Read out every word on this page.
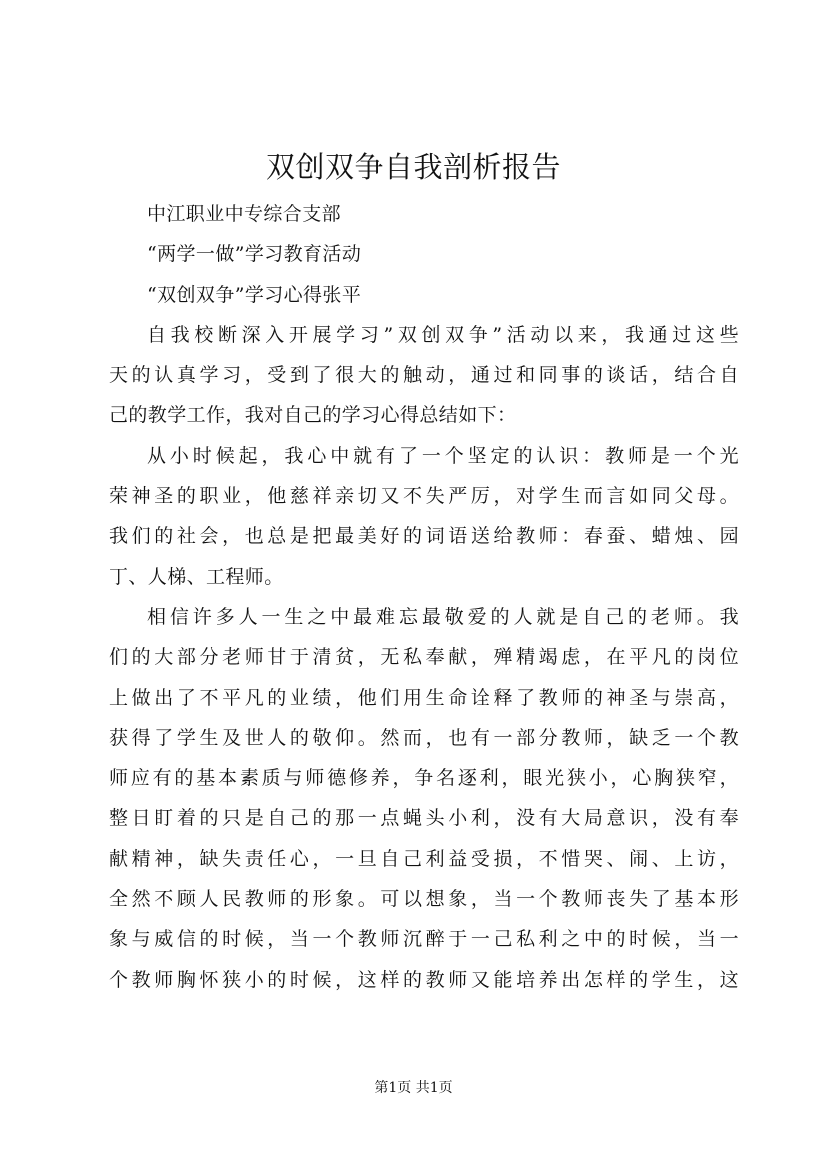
双创双争自我剖析报告
中江职业中专综合支部
“两学一做”学习教育活动
“双创双争”学习心得张平
自我校断深入开展学习”双创双争”活动以来，我通过这些
天的认真学习，受到了很大的触动，通过和同事的谈话，结合自
己的教学工作，我对自己的学习心得总结如下：
从小时候起，我心中就有了一个坚定的认识：教师是一个光
荣神圣的职业，他慈祥亲切又不失严厉，对学生而言如同父母。
我们的社会，也总是把最美好的词语送给教师：春蚕、蜡烛、园
丁、人梯、工程师。
相信许多人一生之中最难忘最敬爱的人就是自己的老师。我
们的大部分老师甘于清贫，无私奉献，殚精竭虑，在平凡的岗位
上做出了不平凡的业绩，他们用生命诠释了教师的神圣与崇高，
获得了学生及世人的敬仰。然而，也有一部分教师，缺乏一个教
师应有的基本素质与师德修养，争名逐利，眼光狭小，心胸狭窄，
整日盯着的只是自己的那一点蝇头小利，没有大局意识，没有奉
献精神，缺失责任心，一旦自己利益受损，不惜哭、闹、上访，
全然不顾人民教师的形象。可以想象，当一个教师丧失了基本形
象与威信的时候，当一个教师沉醉于一己私利之中的时候，当一
个教师胸怀狭小的时候，这样的教师又能培养出怎样的学生，这
第1页 共1页
